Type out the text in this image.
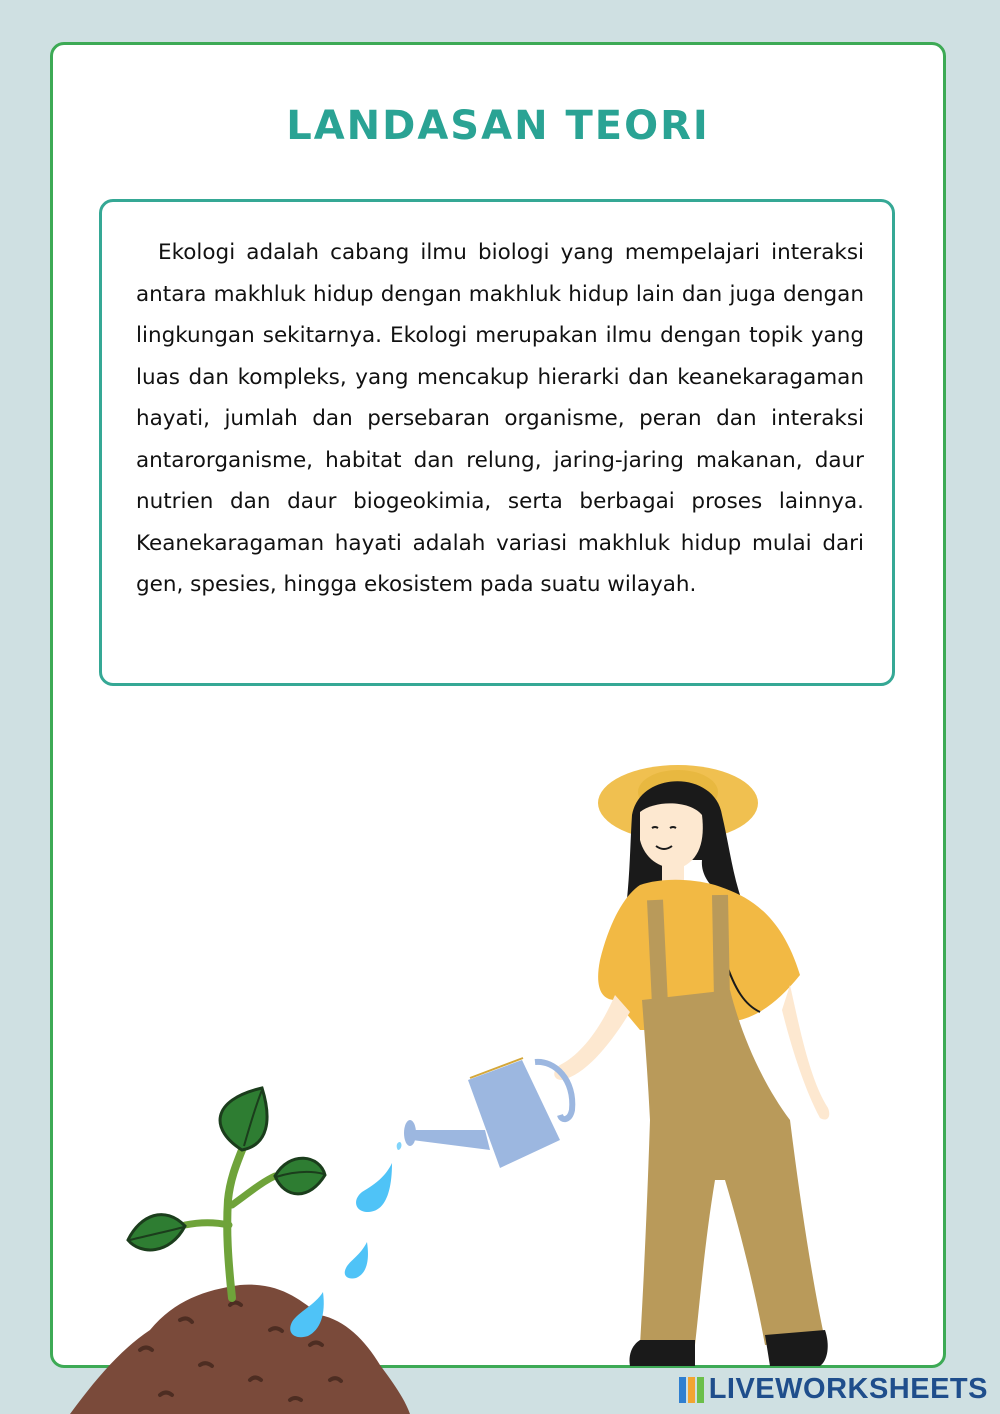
LANDASAN TEORI

Ekologi adalah cabang ilmu biologi yang mempelajari interaksi antara makhluk hidup dengan makhluk hidup lain dan juga dengan lingkungan sekitarnya. Ekologi merupakan ilmu dengan topik yang luas dan kompleks, yang mencakup hierarki dan keanekaragaman hayati, jumlah dan persebaran organisme, peran dan interaksi antarorganisme, habitat dan relung, jaring-jaring makanan, daur nutrien dan daur biogeokimia, serta berbagai proses lainnya. Keanekaragaman hayati adalah variasi makhluk hidup mulai dari gen, spesies, hingga ekosistem pada suatu wilayah.

LIVEWORKSHEETS
